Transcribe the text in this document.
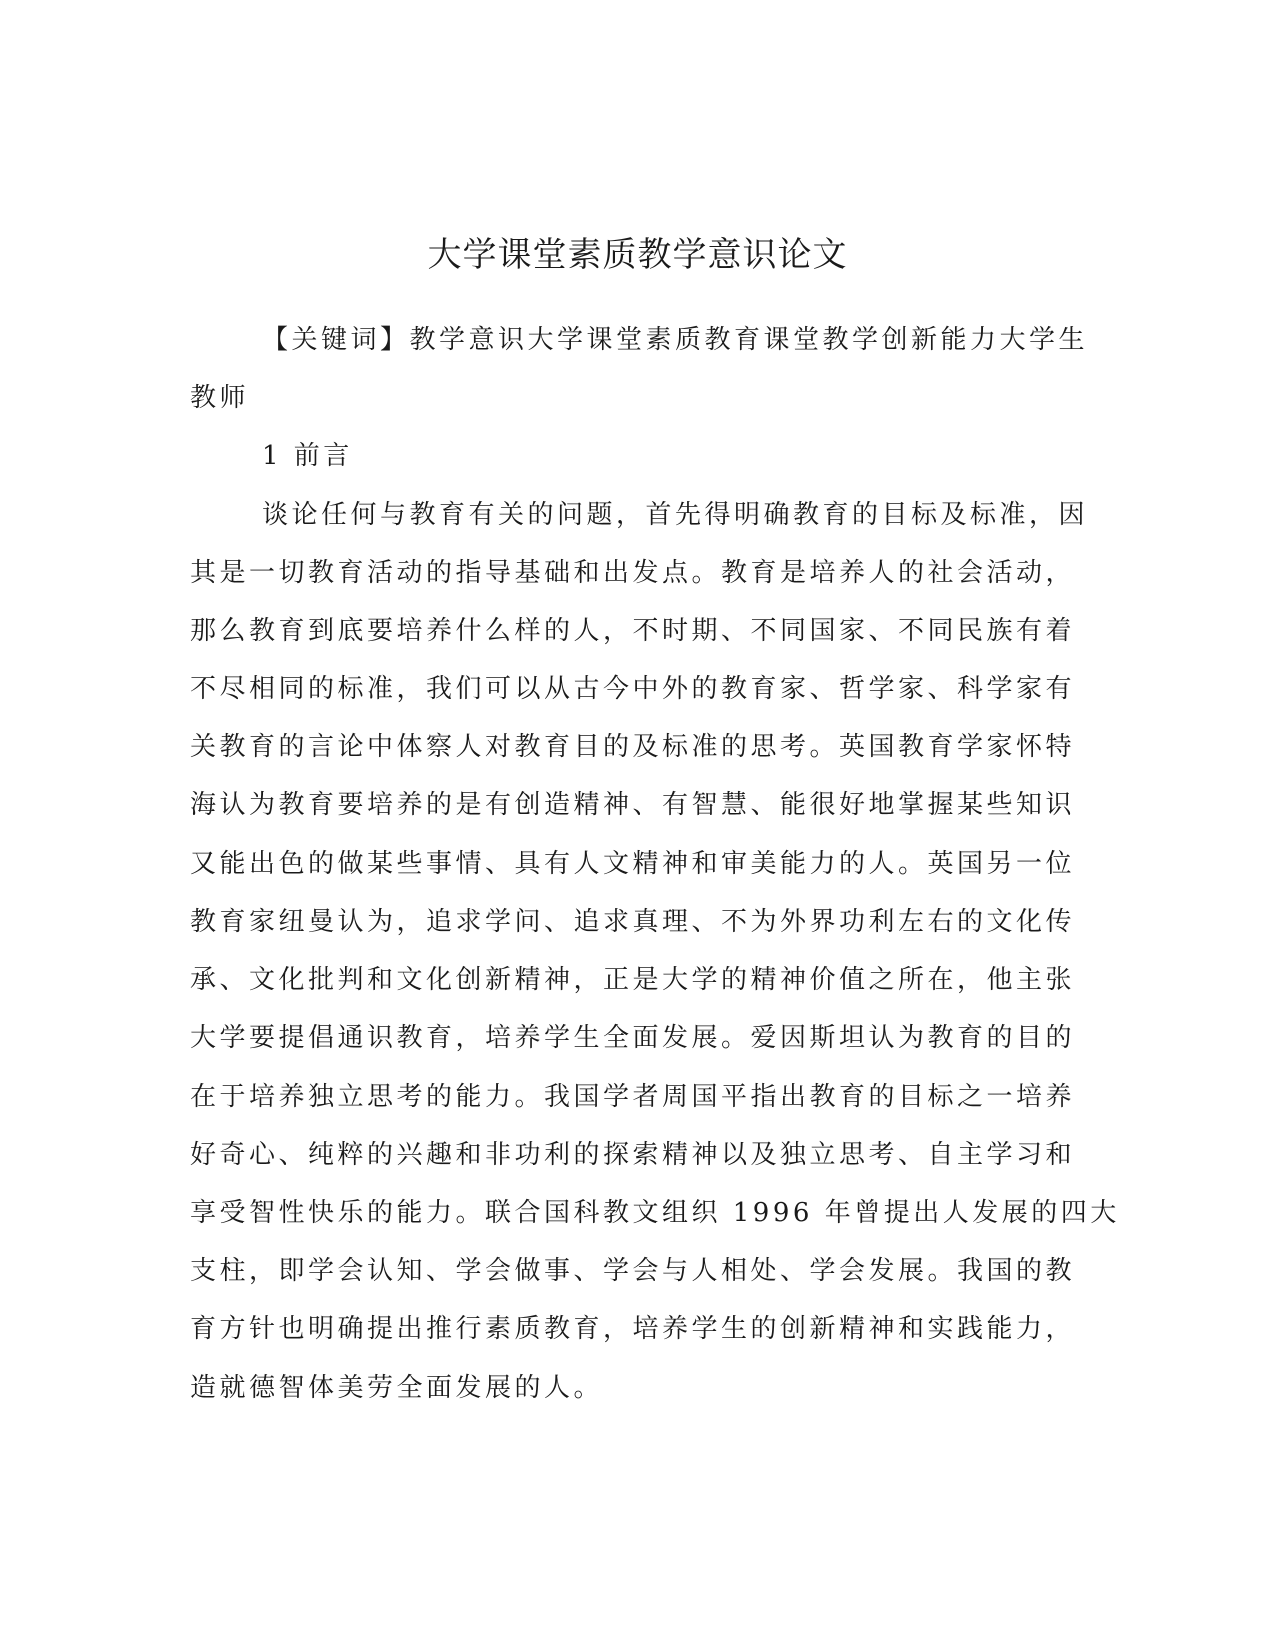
大学课堂素质教学意识论文
【关键词】教学意识大学课堂素质教育课堂教学创新能力大学生
教师
1 前言
谈论任何与教育有关的问题，首先得明确教育的目标及标准，因
其是一切教育活动的指导基础和出发点。教育是培养人的社会活动，
那么教育到底要培养什么样的人，不时期、不同国家、不同民族有着
不尽相同的标准，我们可以从古今中外的教育家、哲学家、科学家有
关教育的言论中体察人对教育目的及标准的思考。英国教育学家怀特
海认为教育要培养的是有创造精神、有智慧、能很好地掌握某些知识
又能出色的做某些事情、具有人文精神和审美能力的人。英国另一位
教育家纽曼认为，追求学问、追求真理、不为外界功利左右的文化传
承、文化批判和文化创新精神，正是大学的精神价值之所在，他主张
大学要提倡通识教育，培养学生全面发展。爱因斯坦认为教育的目的
在于培养独立思考的能力。我国学者周国平指出教育的目标之一培养
好奇心、纯粹的兴趣和非功利的探索精神以及独立思考、自主学习和
享受智性快乐的能力。联合国科教文组织 1996 年曾提出人发展的四大
支柱，即学会认知、学会做事、学会与人相处、学会发展。我国的教
育方针也明确提出推行素质教育，培养学生的创新精神和实践能力，
造就德智体美劳全面发展的人。
